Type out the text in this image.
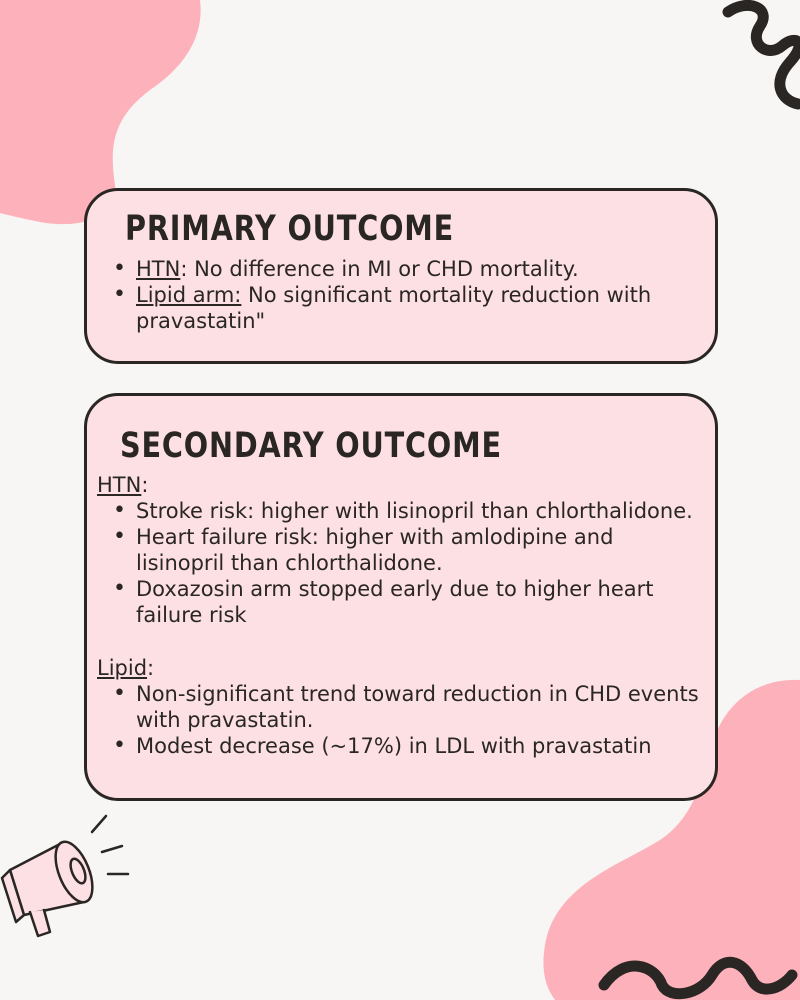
PRIMARY OUTCOME
• HTN: No difference in MI or CHD mortality.
• Lipid arm: No significant mortality reduction with pravastatin"
SECONDARY OUTCOME
HTN:
• Stroke risk: higher with lisinopril than chlorthalidone.
• Heart failure risk: higher with amlodipine and lisinopril than chlorthalidone.
• Doxazosin arm stopped early due to higher heart failure risk
Lipid:
• Non-significant trend toward reduction in CHD events with pravastatin.
• Modest decrease (~17%) in LDL with pravastatin
